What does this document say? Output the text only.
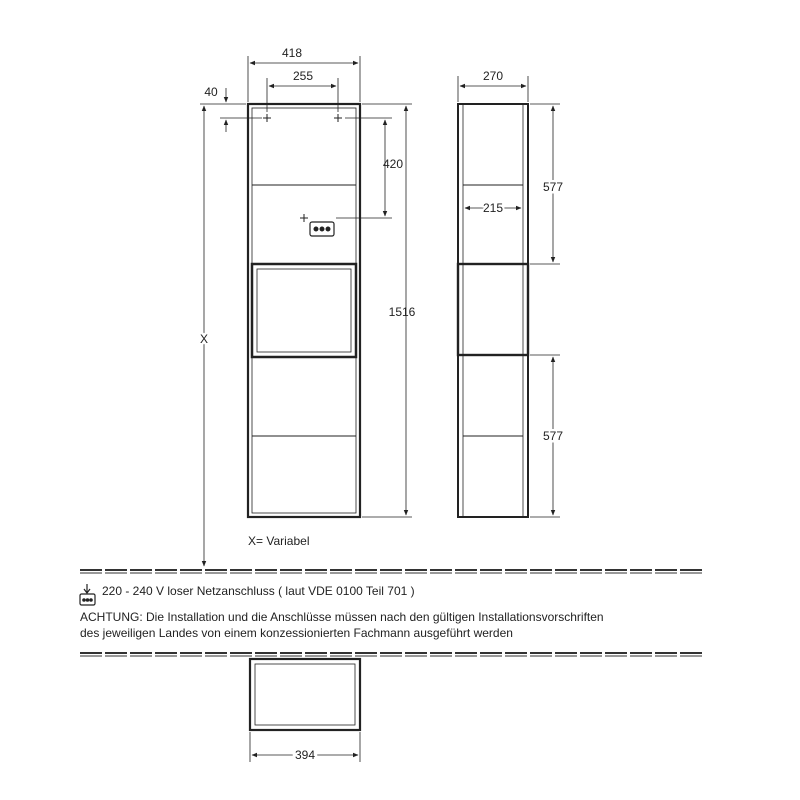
418
255
40
420
1516
X
270
577
215
577
394
X= Variabel
220 - 240 V loser Netzanschluss ( laut VDE 0100 Teil 701 )
ACHTUNG: Die Installation und die Anschlüsse müssen nach den gültigen Installationsvorschriften
des jeweiligen Landes von einem konzessionierten Fachmann ausgeführt werden
